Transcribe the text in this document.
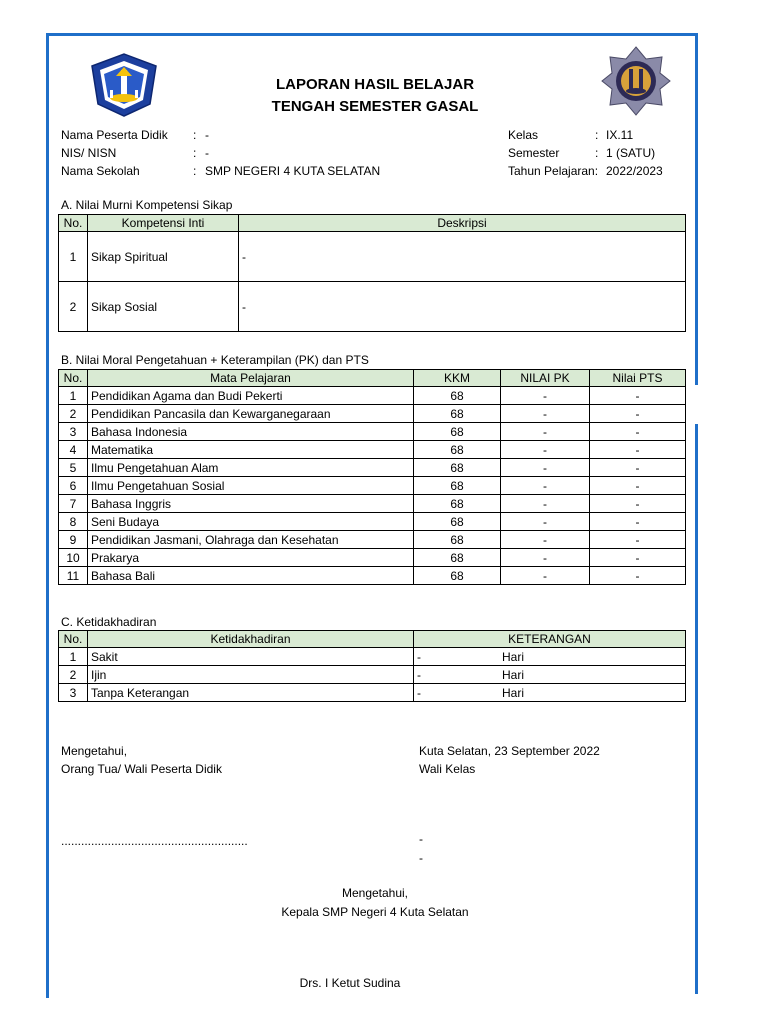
LAPORAN HASIL BELAJAR
TENGAH SEMESTER GASAL
Nama Peserta Didik : -
NIS/ NISN	: -
Nama Sekolah	: SMP NEGERI 4 KUTA SELATAN
Kelas	: IX.11
Semester	: 1 (SATU)
Tahun Pelajaran: 2022/2023
A. Nilai Murni Kompetensi Sikap
No.	Kompetensi Inti	Deskripsi
1	Sikap Spiritual	-
2	Sikap Sosial	-
B. Nilai Moral Pengetahuan + Keterampilan (PK) dan PTS
No.	Mata Pelajaran	KKM	NILAI PK	Nilai PTS
1	Pendidikan Agama dan Budi Pekerti	68	-	-
2	Pendidikan Pancasila dan Kewarganegaraan	68	-	-
3	Bahasa Indonesia	68	-	-
4	Matematika	68	-	-
5	Ilmu Pengetahuan Alam	68	-	-
6	Ilmu Pengetahuan Sosial	68	-	-
7	Bahasa Inggris	68	-	-
8	Seni Budaya	68	-	-
9	Pendidikan Jasmani, Olahraga dan Kesehatan	68	-	-
10	Prakarya	68	-	-
11	Bahasa Bali	68	-	-
C. Ketidakhadiran
No.	Ketidakhadiran	KETERANGAN
1	Sakit	- Hari

2	Ijin	- Hari

3	Tanpa Keterangan	- Hari
Mengetahui,
Orang Tua/ Wali Peserta Didik
........................................................
Kuta Selatan, 23 September 2022
Wali Kelas
-
-
Mengetahui,
Kepala SMP Negeri 4 Kuta Selatan
Drs. I Ketut Sudina
